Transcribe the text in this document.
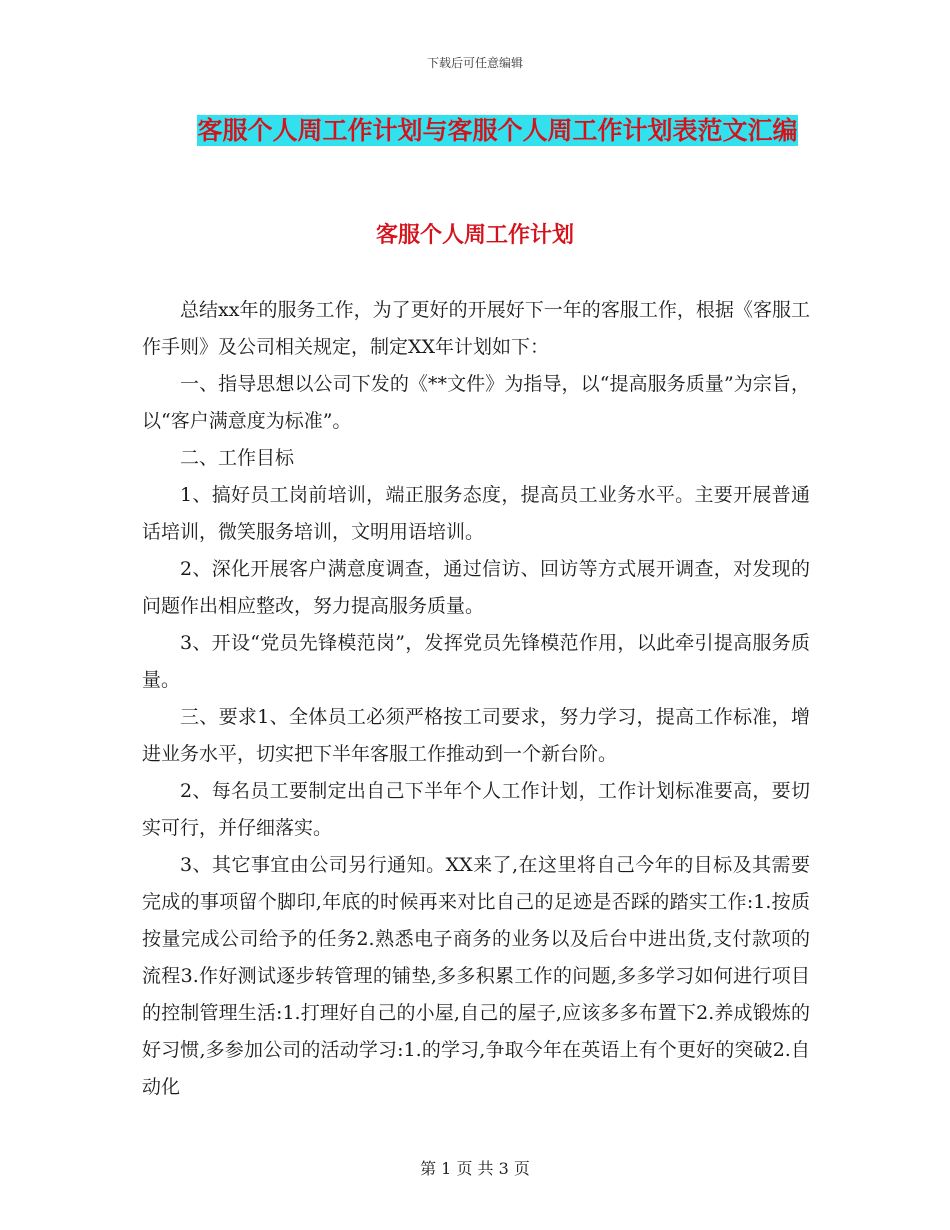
下载后可任意编辑
客服个人周工作计划与客服个人周工作计划表范文汇编
客服个人周工作计划

总结xx年的服务工作，为了更好的开展好下一年的客服工作，根据《客服工作手则》及公司相关规定，制定XX年计划如下：

一、指导思想以公司下发的《**文件》为指导，以“提高服务质量”为宗旨，以“客户满意度为标准”。

二、工作目标

1、搞好员工岗前培训，端正服务态度，提高员工业务水平。主要开展普通话培训，微笑服务培训，文明用语培训。

2、深化开展客户满意度调查，通过信访、回访等方式展开调查，对发现的问题作出相应整改，努力提高服务质量。

3、开设“党员先锋模范岗”，发挥党员先锋模范作用，以此牵引提高服务质量。

三、要求1、全体员工必须严格按工司要求，努力学习，提高工作标准，增进业务水平，切实把下半年客服工作推动到一个新台阶。

2、每名员工要制定出自己下半年个人工作计划，工作计划标准要高，要切实可行，并仔细落实。

3、其它事宜由公司另行通知。XX来了,在这里将自己今年的目标及其需要完成的事项留个脚印,年底的时候再来对比自己的足迹是否踩的踏实工作:1.按质按量完成公司给予的任务2.熟悉电子商务的业务以及后台中进出货,支付款项的流程3.作好测试逐步转管理的铺垫,多多积累工作的问题,多多学习如何进行项目的控制管理生活:1.打理好自己的小屋,自己的屋子,应该多多布置下2.养成锻炼的好习惯,多参加公司的活动学习:1.的学习,争取今年在英语上有个更好的突破2.自动化

第 1 页 共 3 页
